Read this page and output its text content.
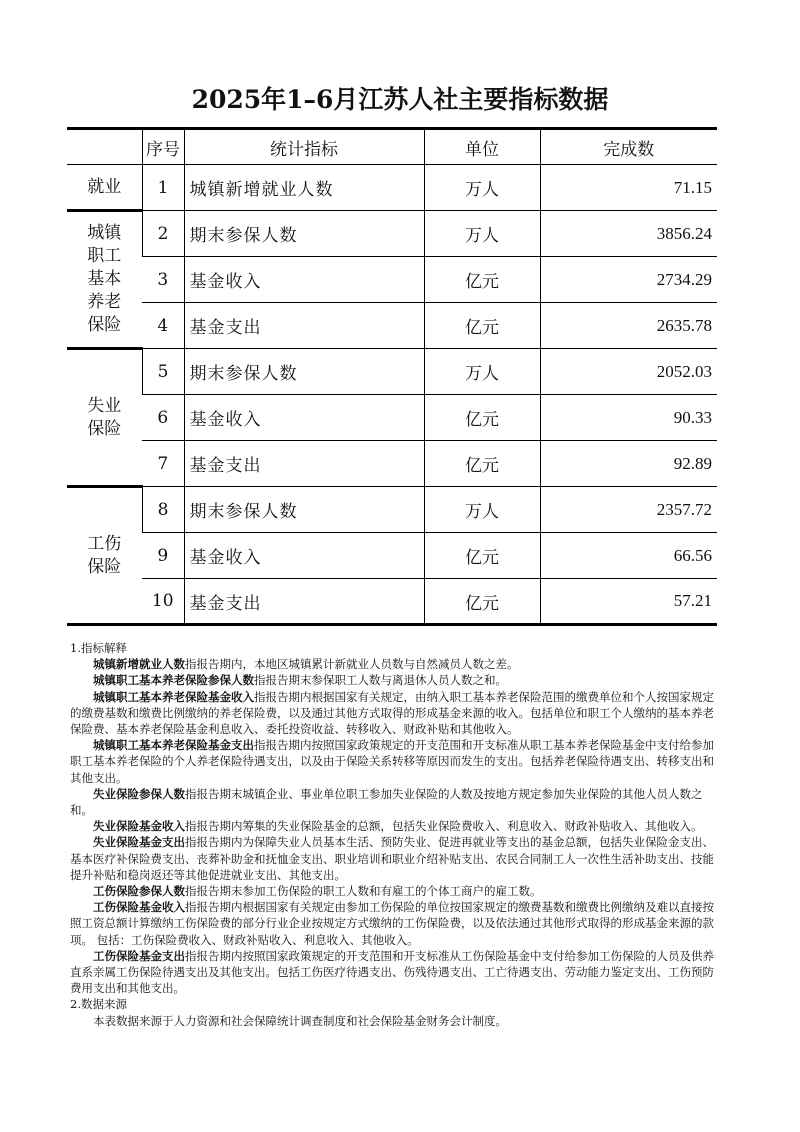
2025年1–6月江苏人社主要指标数据
	序号	统计指标	单位	完成数
就业	1	城镇新增就业人数	万人	71.15
城镇职工基本养老保险	2	期末参保人数	万人	3856.24
	3	基金收入	亿元	2734.29
	4	基金支出	亿元	2635.78
失业保险	5	期末参保人数	万人	2052.03
	6	基金收入	亿元	90.33
	7	基金支出	亿元	92.89
工伤保险	8	期末参保人数	万人	2357.72
	9	基金收入	亿元	66.56
	10	基金支出	亿元	57.21

1.指标解释

城镇新增就业人数指报告期内，本地区城镇累计新就业人员数与自然减员人数之差。

城镇职工基本养老保险参保人数指报告期末参保职工人数与离退休人员人数之和。

城镇职工基本养老保险基金收入指报告期内根据国家有关规定，由纳入职工基本养老保险范围的缴费单位和个人按国家规定的缴费基数和缴费比例缴纳的养老保险费，以及通过其他方式取得的形成基金来源的收入。包括单位和职工个人缴纳的基本养老保险费、基本养老保险基金利息收入、委托投资收益、转移收入、财政补贴和其他收入。

城镇职工基本养老保险基金支出指报告期内按照国家政策规定的开支范围和开支标准从职工基本养老保险基金中支付给参加职工基本养老保险的个人养老保险待遇支出，以及由于保险关系转移等原因而发生的支出。包括养老保险待遇支出、转移支出和其他支出。

失业保险参保人数指报告期末城镇企业、事业单位职工参加失业保险的人数及按地方规定参加失业保险的其他人员人数之和。

失业保险基金收入指报告期内筹集的失业保险基金的总额，包括失业保险费收入、利息收入、财政补贴收入、其他收入。

失业保险基金支出指报告期内为保障失业人员基本生活、预防失业、促进再就业等支出的基金总额，包括失业保险金支出、基本医疗补保险费支出、丧葬补助金和抚恤金支出、职业培训和职业介绍补贴支出、农民合同制工人一次性生活补助支出、技能提升补贴和稳岗返还等其他促进就业支出、其他支出。

工伤保险参保人数指报告期末参加工伤保险的职工人数和有雇工的个体工商户的雇工数。

工伤保险基金收入指报告期内根据国家有关规定由参加工伤保险的单位按国家规定的缴费基数和缴费比例缴纳及难以直接按照工资总额计算缴纳工伤保险费的部分行业企业按规定方式缴纳的工伤保险费，以及依法通过其他形式取得的形成基金来源的款项。 包括：工伤保险费收入、财政补贴收入、利息收入、其他收入。

工伤保险基金支出指报告期内按照国家政策规定的开支范围和开支标准从工伤保险基金中支付给参加工伤保险的人员及供养直系亲属工伤保险待遇支出及其他支出。包括工伤医疗待遇支出、伤残待遇支出、工亡待遇支出、劳动能力鉴定支出、工伤预防费用支出和其他支出。

2.数据来源

本表数据来源于人力资源和社会保障统计调查制度和社会保险基金财务会计制度。
